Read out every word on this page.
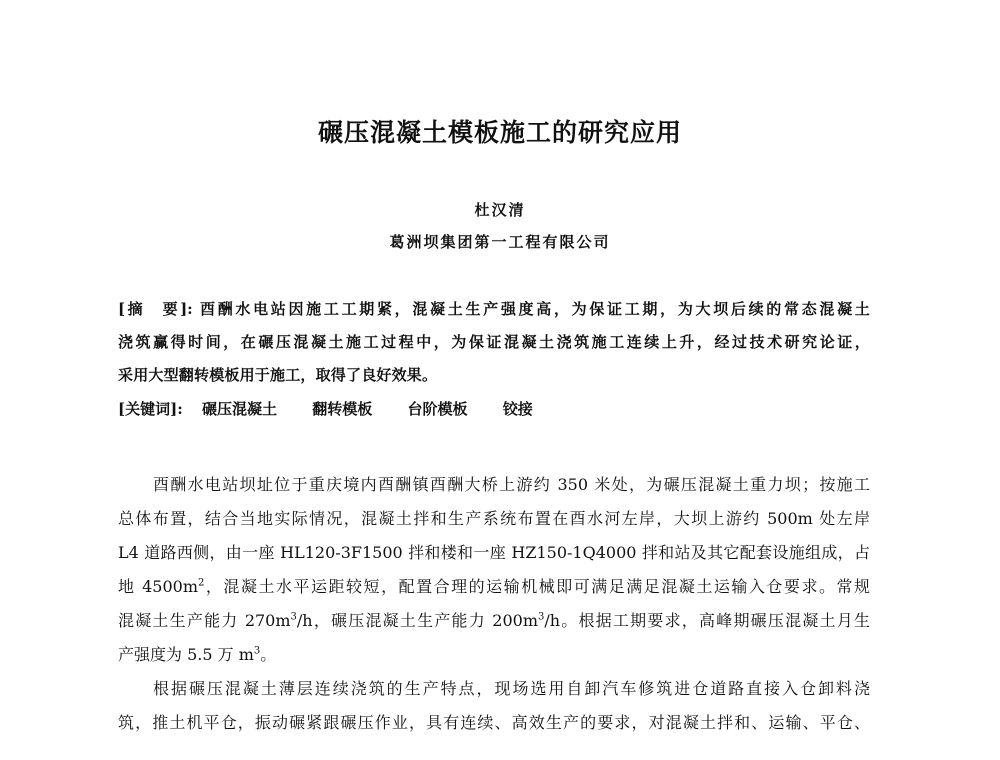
碾压混凝土模板施工的研究应用
杜汉清
葛洲坝集团第一工程有限公司
[摘　要]: 酉酬水电站因施工工期紧，混凝土生产强度高，为保证工期，为大坝后续的常态混凝土
浇筑赢得时间，在碾压混凝土施工过程中，为保证混凝土浇筑施工连续上升，经过技术研究论证，
采用大型翻转模板用于施工，取得了良好效果。
[关键词]: 碾压混凝土 翻转模板 台阶模板 铰接
酉酬水电站坝址位于重庆境内酉酬镇酉酬大桥上游约 350 米处，为碾压混凝土重力坝；按施工
总体布置，结合当地实际情况，混凝土拌和生产系统布置在酉水河左岸，大坝上游约 500m 处左岸
L4 道路西侧，由一座 HL120-3F1500 拌和楼和一座 HZ150-1Q4000 拌和站及其它配套设施组成，占
地 $4500m^2$，混凝土水平运距较短，配置合理的运输机械即可满足满足混凝土运输入仓要求。常规
混凝土生产能力 $270m^3/h$，碾压混凝土生产能力 $200m^3/h$。根据工期要求，高峰期碾压混凝土月生
产强度为 5.5 万 $m^3$。
根据碾压混凝土薄层连续浇筑的生产特点，现场选用自卸汽车修筑进仓道路直接入仓卸料浇
筑，推土机平仓，振动碾紧跟碾压作业，具有连续、高效生产的要求，对混凝土拌和、运输、平仓、
